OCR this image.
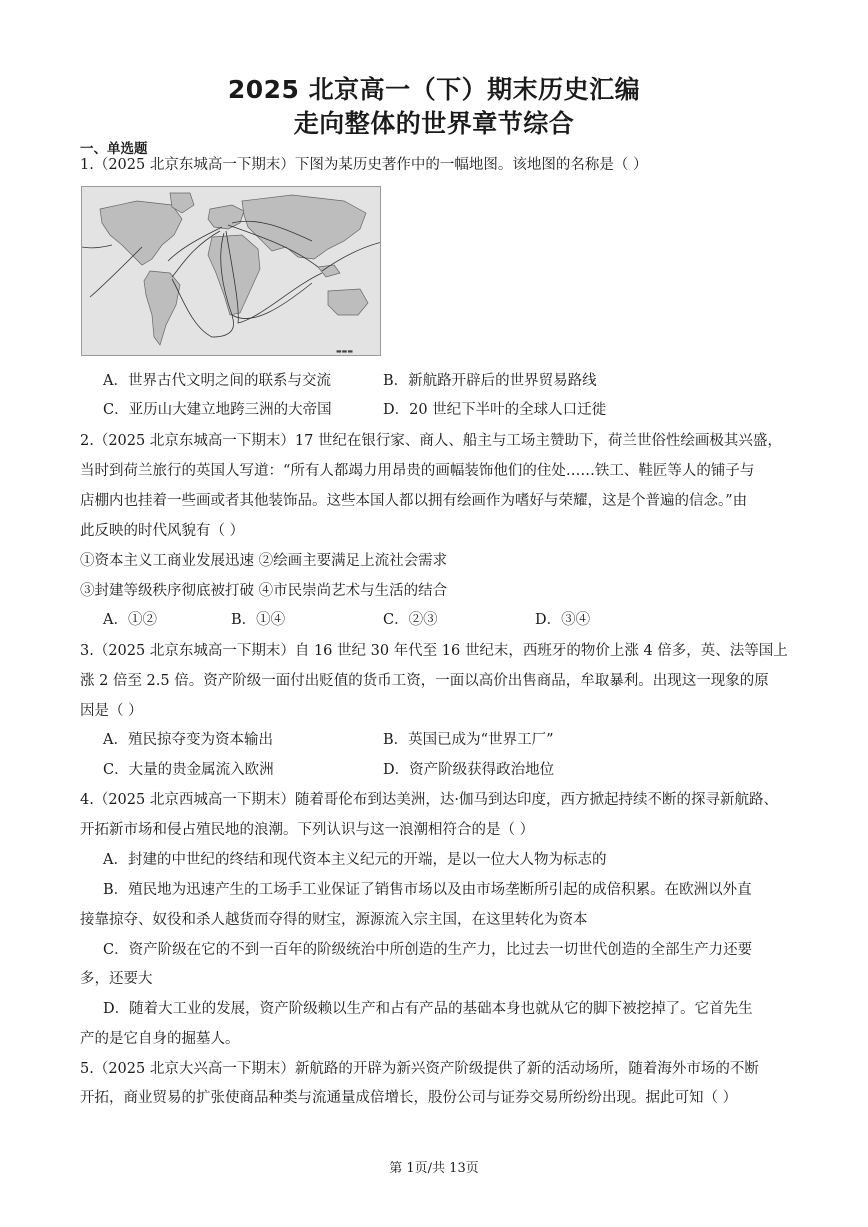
2025 北京高一（下）期末历史汇编
走向整体的世界章节综合
一、单选题
1.（2025 北京东城高一下期末）下图为某历史著作中的一幅地图。该地图的名称是（ ）
▬▬▬
A．世界古代文明之间的联系与交流	B．新航路开辟后的世界贸易路线
C．亚历山大建立地跨三洲的大帝国	D．20 世纪下半叶的全球人口迁徙
2.（2025 北京东城高一下期末）17 世纪在银行家、商人、船主与工场主赞助下，荷兰世俗性绘画极其兴盛，
当时到荷兰旅行的英国人写道：“所有人都竭力用昂贵的画幅装饰他们的住处……铁工、鞋匠等人的铺子与
店棚内也挂着一些画或者其他装饰品。这些本国人都以拥有绘画作为嗜好与荣耀，这是个普遍的信念。”由
此反映的时代风貌有（ ）
①资本主义工商业发展迅速 ②绘画主要满足上流社会需求
③封建等级秩序彻底被打破 ④市民崇尚艺术与生活的结合
A．①②	B．①④	C．②③	D．③④
3.（2025 北京东城高一下期末）自 16 世纪 30 年代至 16 世纪末，西班牙的物价上涨 4 倍多，英、法等国上
涨 2 倍至 2.5 倍。资产阶级一面付出贬值的货币工资，一面以高价出售商品，牟取暴利。出现这一现象的原
因是（ ）
A．殖民掠夺变为资本输出	B．英国已成为“世界工厂”
C．大量的贵金属流入欧洲	D．资产阶级获得政治地位
4.（2025 北京西城高一下期末）随着哥伦布到达美洲，达·伽马到达印度，西方掀起持续不断的探寻新航路、
开拓新市场和侵占殖民地的浪潮。下列认识与这一浪潮相符合的是（ ）
A．封建的中世纪的终结和现代资本主义纪元的开端，是以一位大人物为标志的
B．殖民地为迅速产生的工场手工业保证了销售市场以及由市场垄断所引起的成倍积累。在欧洲以外直
接靠掠夺、奴役和杀人越货而夺得的财宝，源源流入宗主国，在这里转化为资本
C．资产阶级在它的不到一百年的阶级统治中所创造的生产力，比过去一切世代创造的全部生产力还要
多，还要大
D．随着大工业的发展，资产阶级赖以生产和占有产品的基础本身也就从它的脚下被挖掉了。它首先生
产的是它自身的掘墓人。
5.（2025 北京大兴高一下期末）新航路的开辟为新兴资产阶级提供了新的活动场所，随着海外市场的不断
开拓，商业贸易的扩张使商品种类与流通量成倍增长，股份公司与证券交易所纷纷出现。据此可知（ ）
第 1页/共 13页
